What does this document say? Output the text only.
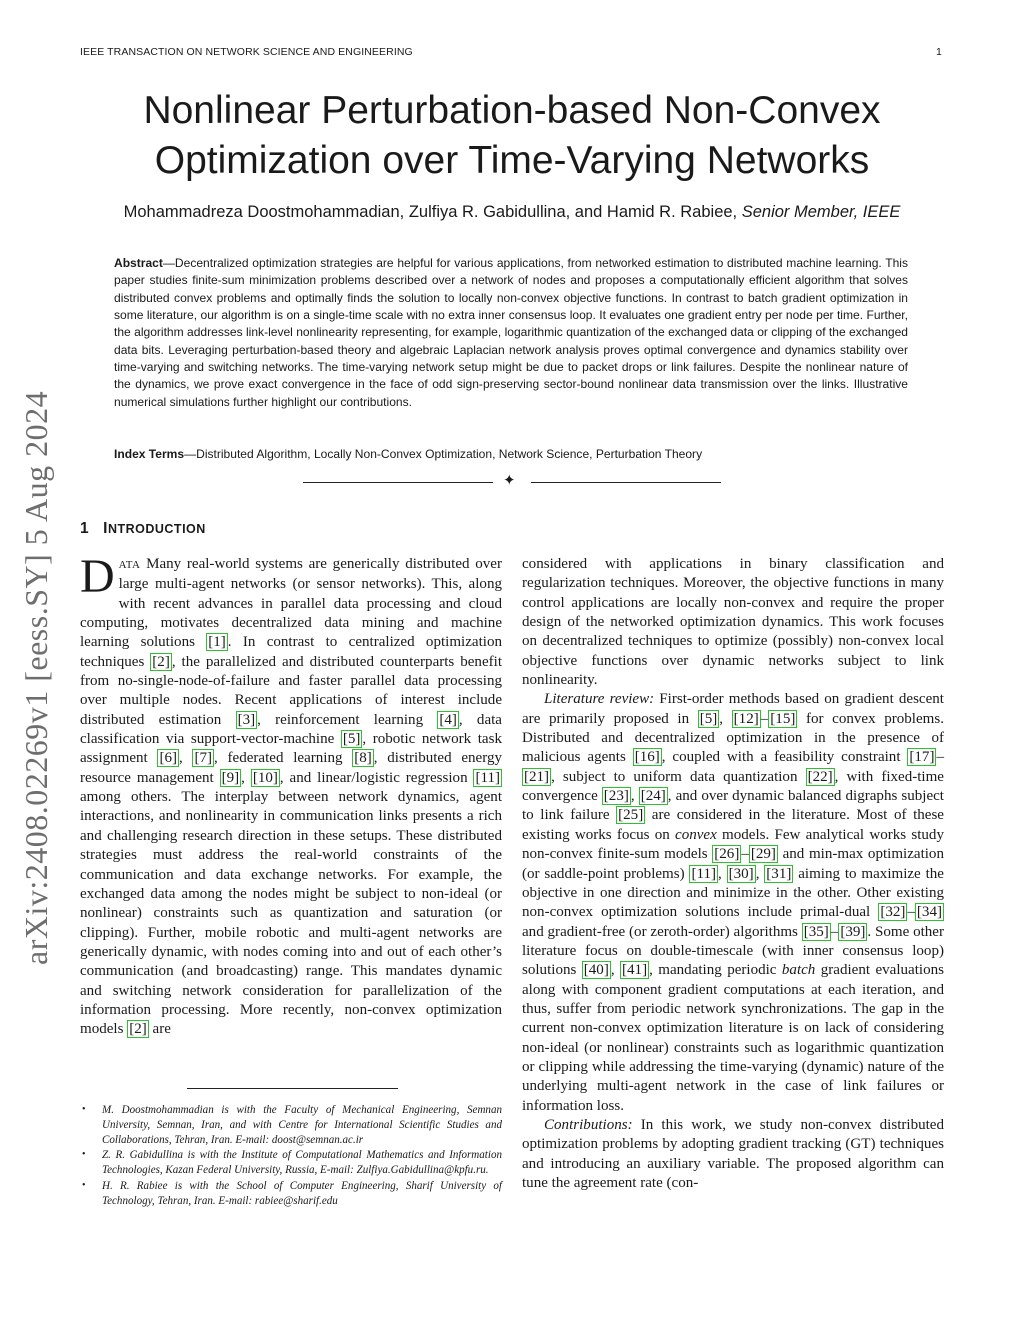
IEEE TRANSACTION ON NETWORK SCIENCE AND ENGINEERING	1
arXiv:2408.02269v1 [eess.SY] 5 Aug 2024
Nonlinear Perturbation-based Non-Convex
Optimization over Time-Varying Networks
Mohammadreza Doostmohammadian, Zulfiya R. Gabidullina, and Hamid R. Rabiee, Senior Member, IEEE
Abstract—Decentralized optimization strategies are helpful for various applications, from networked estimation to distributed machine learning. This paper studies finite-sum minimization problems described over a network of nodes and proposes a computationally efficient algorithm that solves distributed convex problems and optimally finds the solution to locally non-convex objective functions. In contrast to batch gradient optimization in some literature, our algorithm is on a single-time scale with no extra inner consensus loop. It evaluates one gradient entry per node per time. Further, the algorithm addresses link-level nonlinearity representing, for example, logarithmic quantization of the exchanged data or clipping of the exchanged data bits. Leveraging perturbation-based theory and algebraic Laplacian network analysis proves optimal convergence and dynamics stability over time-varying and switching networks. The time-varying network setup might be due to packet drops or link failures. Despite the nonlinear nature of the dynamics, we prove exact convergence in the face of odd sign-preserving sector-bound nonlinear data transmission over the links. Illustrative numerical simulations further highlight our contributions.
Index Terms—Distributed Algorithm, Locally Non-Convex Optimization, Network Science, Perturbation Theory
✦
1 INTRODUCTION

DATA Many real-world systems are generically distributed over large multi-agent networks (or sensor networks). This, along with recent advances in parallel data processing and cloud computing, motivates decentralized data mining and machine learning solutions [1] . In contrast to centralized optimization techniques [2] , the parallelized and distributed counterparts benefit from no-single-node-of-failure and faster parallel data processing over multiple nodes. Recent applications of interest include distributed estimation [3] , reinforcement learning [4] , data classification via support-vector-machine [5] , robotic network task assignment [6] , [7] , federated learning [8] , distributed energy resource management [9] , [10] , and linear/logistic regression [11] among others. The interplay between network dynamics, agent interactions, and nonlinearity in communication links presents a rich and challenging research direction in these setups. These distributed strategies must address the real-world constraints of the communication and data exchange networks. For example, the exchanged data among the nodes might be subject to non-ideal (or nonlinear) constraints such as quantization and saturation (or clipping). Further, mobile robotic and multi-agent networks are generically dynamic, with nodes coming into and out of each other’s communication (and broadcasting) range. This mandates dynamic and switching network consideration for parallelization of the information processing. More recently, non-convex optimization models [2] are

• M. Doostmohammadian is with the Faculty of Mechanical Engineering, Semnan University, Semnan, Iran, and with Centre for International Scientific Studies and Collaborations, Tehran, Iran. E-mail: doost@semnan.ac.ir
• Z. R. Gabidullina is with the Institute of Computational Mathematics and Information Technologies, Kazan Federal University, Russia, E-mail: Zulfiya.Gabidullina@kpfu.ru.
• H. R. Rabiee is with the School of Computer Engineering, Sharif University of Technology, Tehran, Iran. E-mail: rabiee@sharif.edu

considered with applications in binary classification and regularization techniques. Moreover, the objective functions in many control applications are locally non-convex and require the proper design of the networked optimization dynamics. This work focuses on decentralized techniques to optimize (possibly) non-convex local objective functions over dynamic networks subject to link nonlinearity.

Literature review: First-order methods based on gradient descent are primarily proposed in [5] , [12] – [15] for convex problems. Distributed and decentralized optimization in the presence of malicious agents [16] , coupled with a feasibility constraint [17] –[21] , subject to uniform data quantization [22] , with fixed-time convergence [23] , [24] , and over dynamic balanced digraphs subject to link failure [25] are considered in the literature. Most of these existing works focus on convex models. Few analytical works study non-convex finite-sum models [26] – [29] and min-max optimization (or saddle-point problems) [11] , [30] , [31] aiming to maximize the objective in one direction and minimize in the other. Other existing non-convex optimization solutions include primal-dual [32] – [34] and gradient-free (or zeroth-order) algorithms [35] – [39] . Some other literature focus on double-timescale (with inner consensus loop) solutions [40] , [41] , mandating periodic batch gradient evaluations along with component gradient computations at each iteration, and thus, suffer from periodic network synchronizations. The gap in the current non-convex optimization literature is on lack of considering non-ideal (or nonlinear) constraints such as logarithmic quantization or clipping while addressing the time-varying (dynamic) nature of the underlying multi-agent network in the case of link failures or information loss.

Contributions: In this work, we study non-convex distributed optimization problems by adopting gradient tracking (GT) techniques and introducing an auxiliary variable. The proposed algorithm can tune the agreement rate (con-
